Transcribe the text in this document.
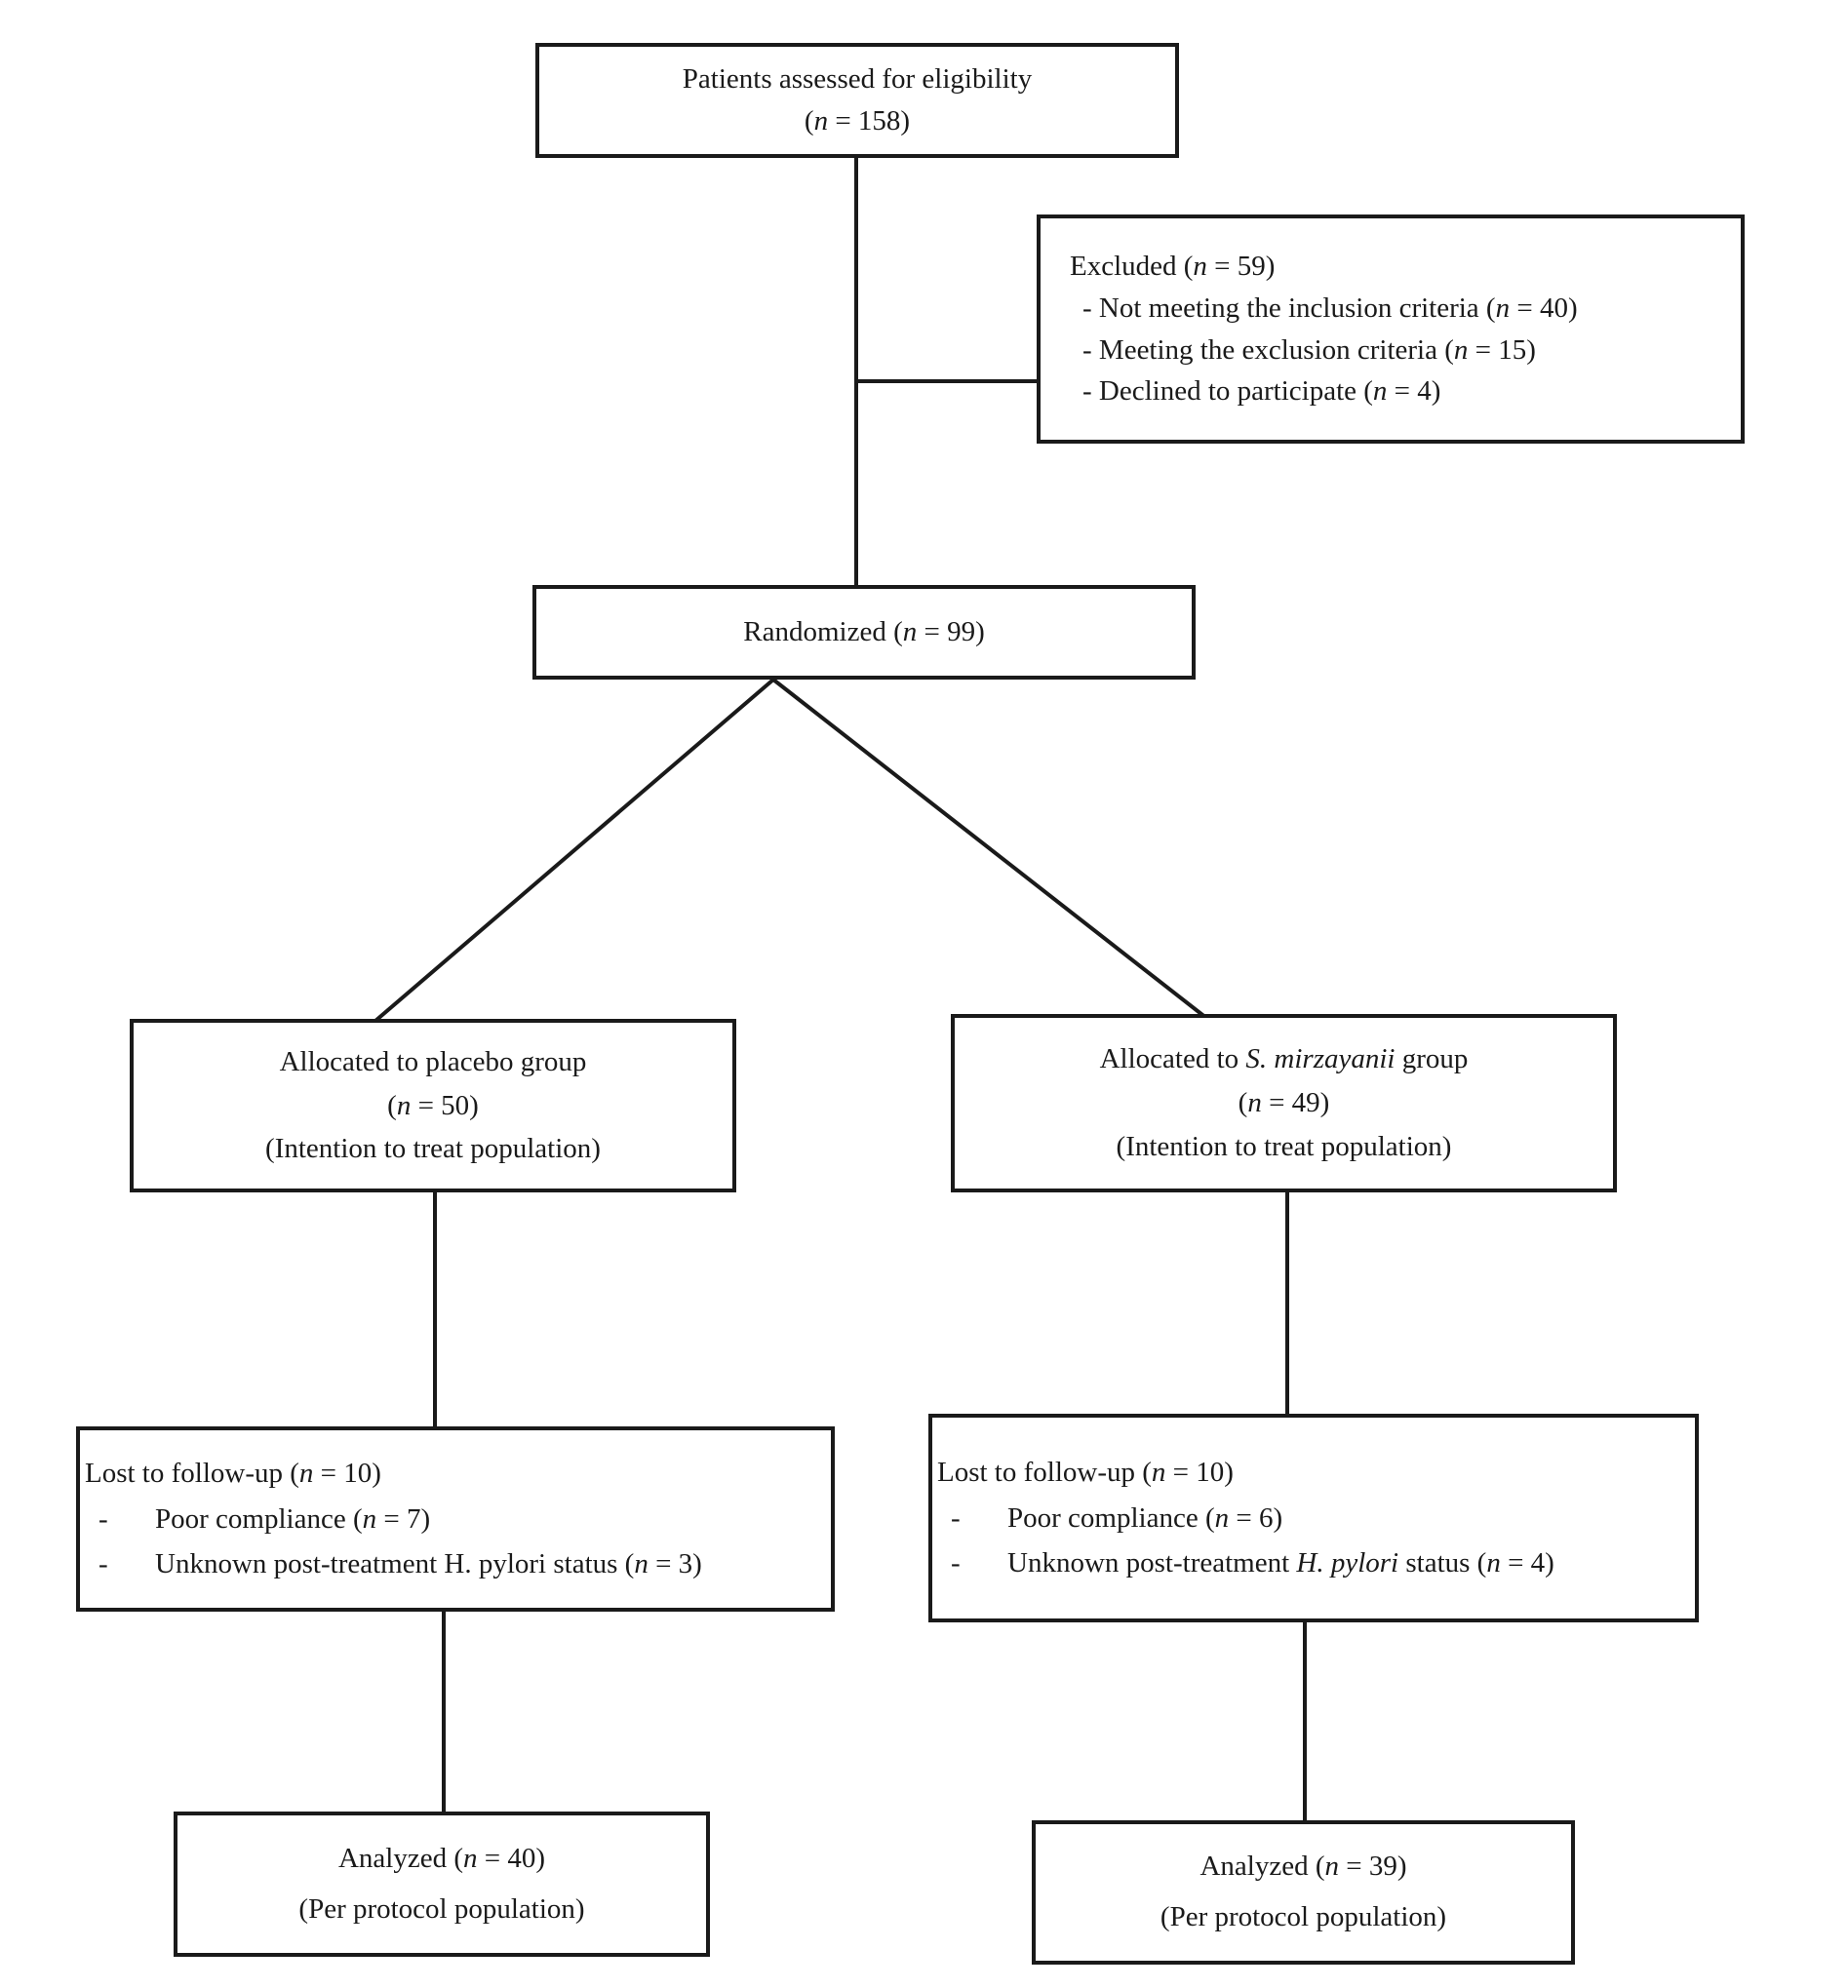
Patients assessed for eligibility
(n = 158)
Excluded (n = 59)
- Not meeting the inclusion criteria (n = 40)
- Meeting the exclusion criteria (n = 15)
- Declined to participate (n = 4)
Randomized (n = 99)
Allocated to placebo group
(n = 50)
(Intention to treat population)
Allocated to S. mirzayanii group
(n = 49)
(Intention to treat population)
Lost to follow-up (n = 10)
-	Poor compliance (n = 7)
-	Unknown post-treatment H. pylori status (n = 3)
Lost to follow-up (n = 10)
-	Poor compliance (n = 6)
-	Unknown post-treatment H. pylori status (n = 4)
Analyzed (n = 40)
(Per protocol population)
Analyzed (n = 39)
(Per protocol population)
